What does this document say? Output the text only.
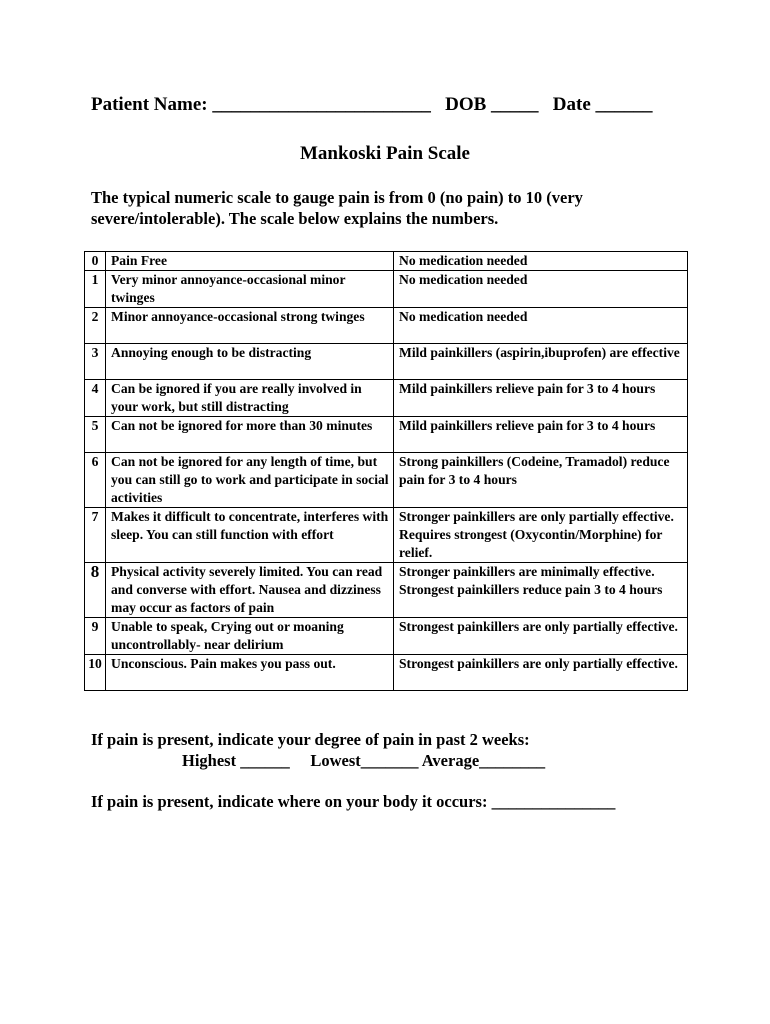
Patient Name: _______________________ DOB _____ Date ______
Mankoski Pain Scale
The typical numeric scale to gauge pain is from 0 (no pain) to 10 (very severe/intolerable). The scale below explains the numbers.
0	Pain Free	No medication needed
1	Very minor annoyance-occasional minor twinges	No medication needed
2	Minor annoyance-occasional strong twinges	No medication needed
3	Annoying enough to be distracting	Mild painkillers (aspirin,ibuprofen) are effective
4	Can be ignored if you are really involved in your work, but still distracting	Mild painkillers relieve pain for 3 to 4 hours
5	Can not be ignored for more than 30 minutes	Mild painkillers relieve pain for 3 to 4 hours
6	Can not be ignored for any length of time, but you can still go to work and participate in social activities	Strong painkillers (Codeine, Tramadol) reduce pain for 3 to 4 hours
7	Makes it difficult to concentrate, interferes with sleep. You can still function with effort	Stronger painkillers are only partially effective. Requires strongest (Oxycontin/Morphine) for relief.
8	Physical activity severely limited. You can read and converse with effort. Nausea and dizziness may occur as factors of pain	Stronger painkillers are minimally effective. Strongest painkillers reduce pain 3 to 4 hours
9	Unable to speak, Crying out or moaning uncontrollably- near delirium	Strongest painkillers are only partially effective.
10	Unconscious. Pain makes you pass out.	Strongest painkillers are only partially effective.
If pain is present, indicate your degree of pain in past 2 weeks:
Highest ______ Lowest_______ Average________
If pain is present, indicate where on your body it occurs: _______________
